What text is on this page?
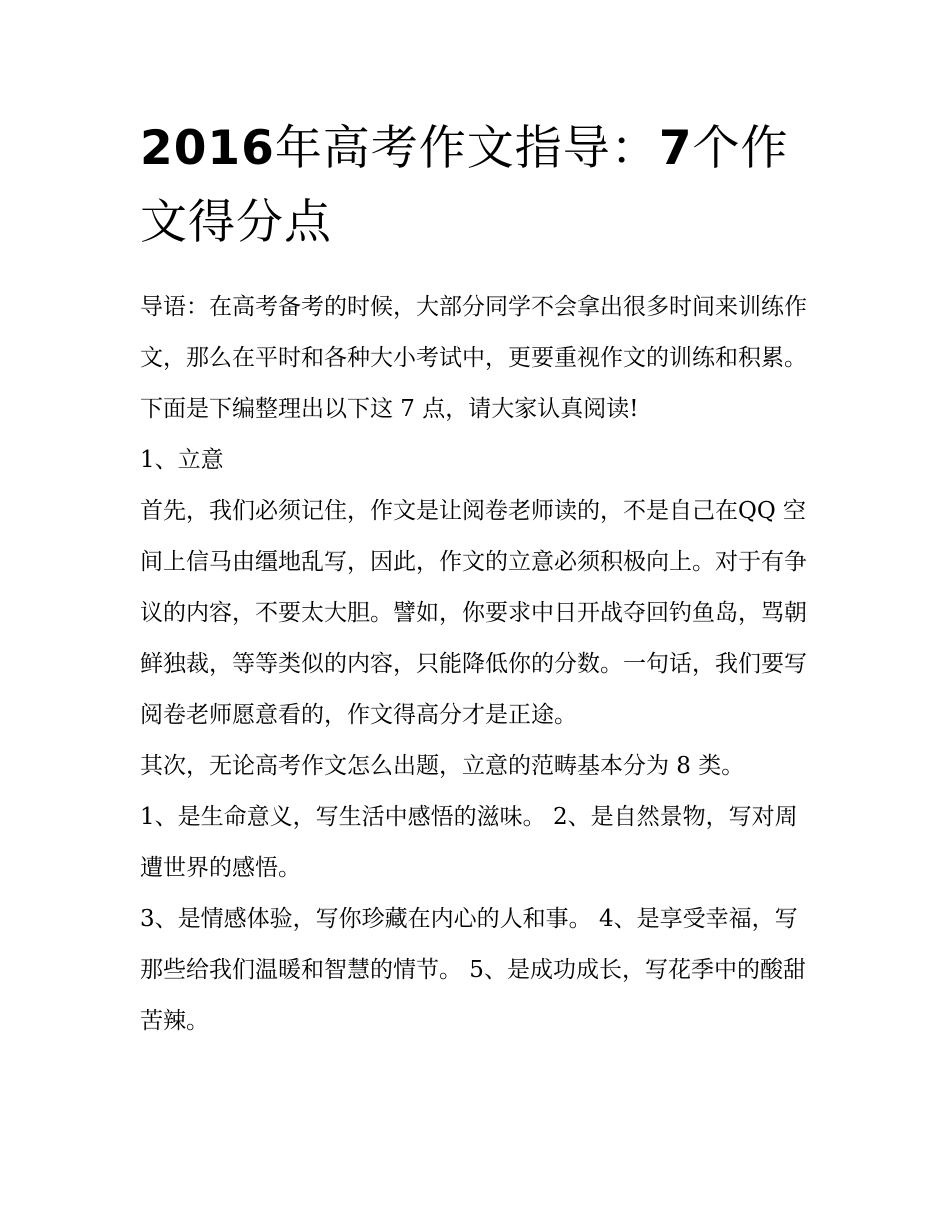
2016年高考作文指导：7个作文得分点

导语：在高考备考的时候，大部分同学不会拿出很多时间来训练作文，那么在平时和各种大小考试中，更要重视作文的训练和积累。下面是下编整理出以下这 7 点，请大家认真阅读!

1、立意

首先，我们必须记住，作文是让阅卷老师读的，不是自己在QQ 空间上信马由缰地乱写，因此，作文的立意必须积极向上。对于有争议的内容，不要太大胆。譬如，你要求中日开战夺回钓鱼岛，骂朝鲜独裁，等等类似的内容，只能降低你的分数。一句话，我们要写阅卷老师愿意看的，作文得高分才是正途。

其次，无论高考作文怎么出题，立意的范畴基本分为 8 类。

1、是生命意义，写生活中感悟的滋味。 2、是自然景物，写对周遭世界的感悟。

3、是情感体验，写你珍藏在内心的人和事。 4、是享受幸福，写那些给我们温暖和智慧的情节。 5、是成功成长，写花季中的酸甜苦辣。
